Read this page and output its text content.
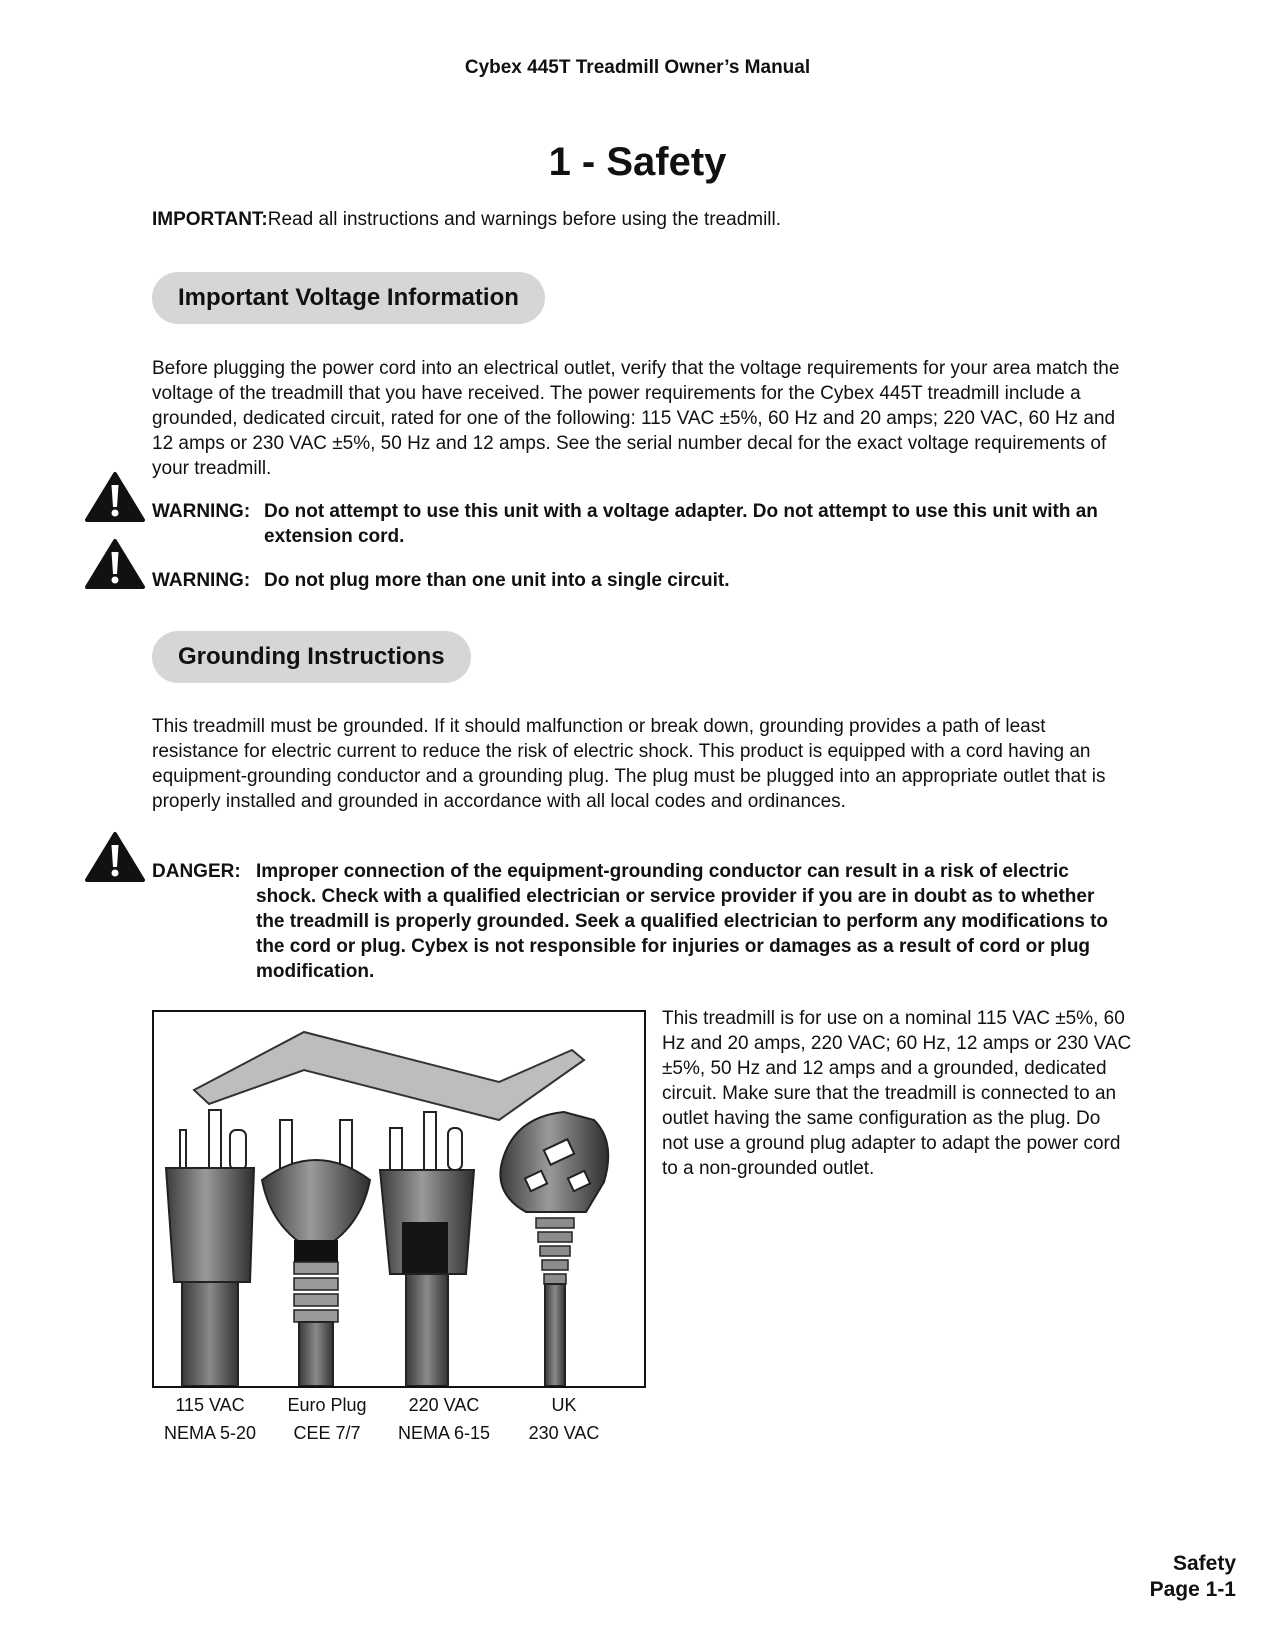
Cybex 445T Treadmill Owner’s Manual
1 - Safety
IMPORTANT:Read all instructions and warnings before using the treadmill.
Important Voltage Information

Before plugging the power cord into an electrical outlet, verify that the voltage requirements for your area match the voltage of the treadmill that you have received. The power requirements for the Cybex 445T treadmill include a grounded, dedicated circuit, rated for one of the following: 115 VAC ±5%, 60 Hz and 20 amps; 220 VAC, 60 Hz and 12 amps or 230 VAC ±5%, 50 Hz and 12 amps. See the serial number decal for the exact voltage requirements of your treadmill.

WARNING: Do not attempt to use this unit with a voltage adapter. Do not attempt to use this unit with an extension cord.
WARNING: Do not plug more than one unit into a single circuit.
Grounding Instructions

This treadmill must be grounded. If it should malfunction or break down, grounding provides a path of least resistance for electric current to reduce the risk of electric shock. This product is equipped with a cord having an equipment-grounding conductor and a grounding plug. The plug must be plugged into an appropriate outlet that is properly installed and grounded in accordance with all local codes and ordinances.

DANGER: Improper connection of the equipment-grounding conductor can result in a risk of electric shock. Check with a qualified electrician or service provider if you are in doubt as to whether the treadmill is properly grounded. Seek a qualified electrician to perform any modifications to the cord or plug. Cybex is not responsible for injuries or damages as a result of cord or plug modification.
115 VAC
NEMA 5-20
Euro Plug
CEE 7/7
220 VAC
NEMA 6-15
UK
230 VAC

This treadmill is for use on a nominal 115 VAC ±5%, 60 Hz and 20 amps, 220 VAC; 60 Hz, 12 amps or 230 VAC ±5%, 50 Hz and 12 amps and a grounded, dedicated circuit. Make sure that the treadmill is connected to an outlet having the same configuration as the plug. Do not use a ground plug adapter to adapt the power cord to a non-grounded outlet.

Safety
Page 1-1
